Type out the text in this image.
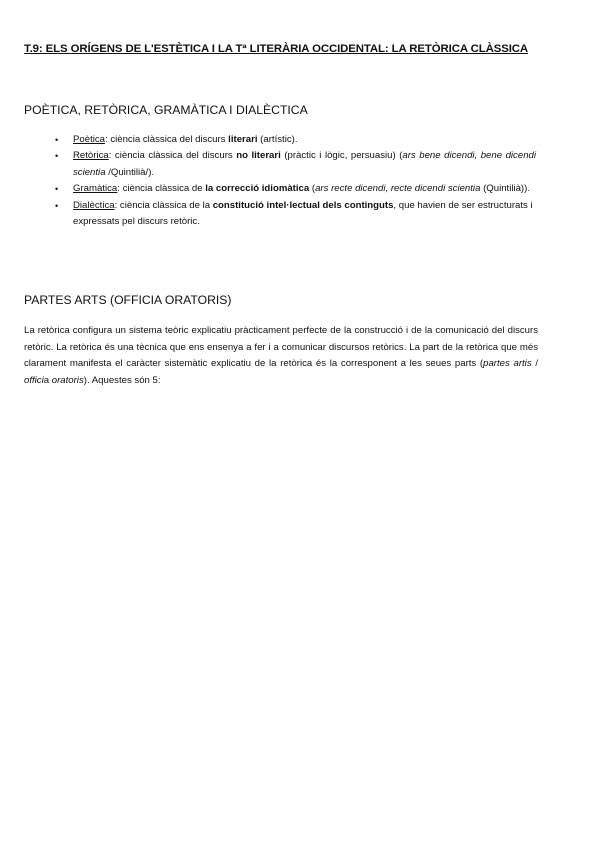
T.9: ELS ORÍGENS DE L'ESTÈTICA I LA Tª LITERÀRIA OCCIDENTAL: LA RETÒRICA CLÀSSICA
POÈTICA, RETÒRICA, GRAMÀTICA I DIALÈCTICA

• Poètica: ciència clàssica del discurs literari (artístic).

• Retòrica: ciència clàssica del discurs no literari (pràctic i lògic, persuasiu) (ars bene dicendi, bene dicendi scientia /Quintilià/).

• Gramàtica: ciència clàssica de la correcció idiomàtica (ars recte dicendi, recte dicendi scientia (Quintilià)).

• Dialèctica: ciència clàssica de la constitució intel·lectual dels continguts, que havien de ser estructurats i expressats pel discurs retòric.

PARTES ARTS (OFFICIA ORATORIS)

La retòrica configura un sistema teòric explicatiu pràcticament perfecte de la construcció i de la comunicació del discurs retòric. La retòrica és una tècnica que ens ensenya a fer i a comunicar discursos retòrics. La part de la retòrica que més clarament manifesta el caràcter sistemàtic explicatiu de la retòrica és la corresponent a les seues parts (partes artis / officia oratoris). Aquestes són 5:
